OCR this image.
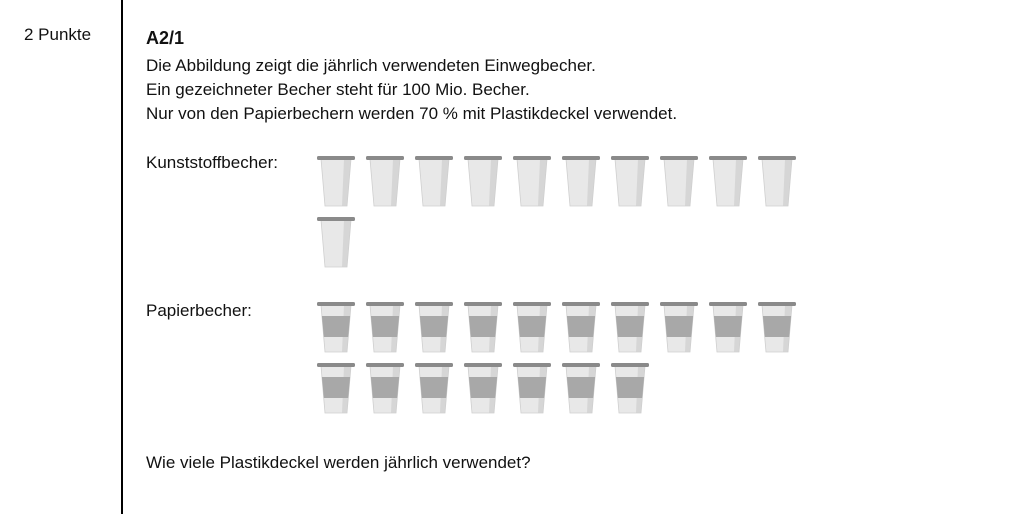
2 Punkte	A2/1
Die Abbildung zeigt die jährlich verwendeten Einwegbecher.
Ein gezeichneter Becher steht für 100 Mio. Becher.
Nur von den Papierbechern werden 70 % mit Plastikdeckel verwendet.
Kunststoffbecher:
Papierbecher:
Wie viele Plastikdeckel werden jährlich verwendet?
